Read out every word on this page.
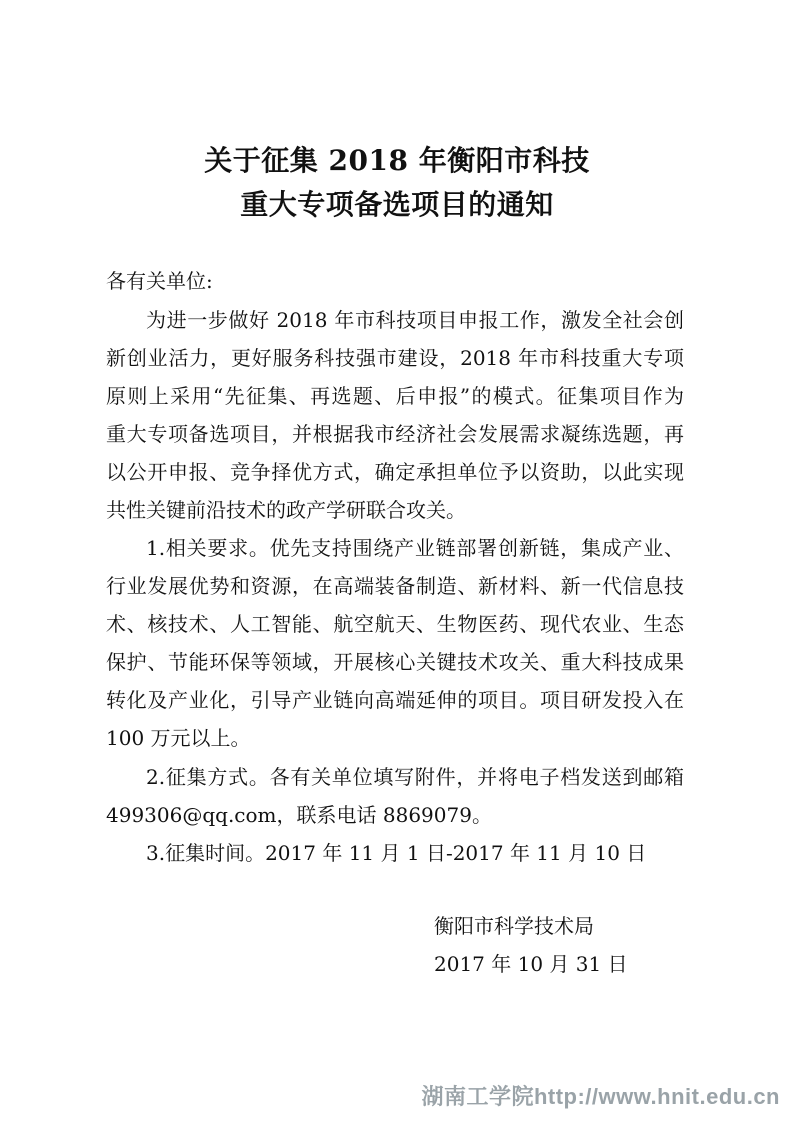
关于征集 2018 年衡阳市科技
重大专项备选项目的通知
各有关单位:
为进一步做好 2018 年市科技项目申报工作，激发全社会创
新创业活力，更好服务科技强市建设，2018 年市科技重大专项
原则上采用“先征集、再选题、后申报”的模式。征集项目作为
重大专项备选项目，并根据我市经济社会发展需求凝练选题，再
以公开申报、竞争择优方式，确定承担单位予以资助，以此实现
共性关键前沿技术的政产学研联合攻关。
1.相关要求。优先支持围绕产业链部署创新链，集成产业、
行业发展优势和资源，在高端装备制造、新材料、新一代信息技
术、核技术、人工智能、航空航天、生物医药、现代农业、生态
保护、节能环保等领域，开展核心关键技术攻关、重大科技成果
转化及产业化，引导产业链向高端延伸的项目。项目研发投入在
100 万元以上。
2.征集方式。各有关单位填写附件，并将电子档发送到邮箱
499306@qq.com，联系电话 8869079。
3.征集时间。2017 年 11 月 1 日-2017 年 11 月 10 日
衡阳市科学技术局
2017 年 10 月 31 日
湖南工学院http://www.hnit.edu.cn
